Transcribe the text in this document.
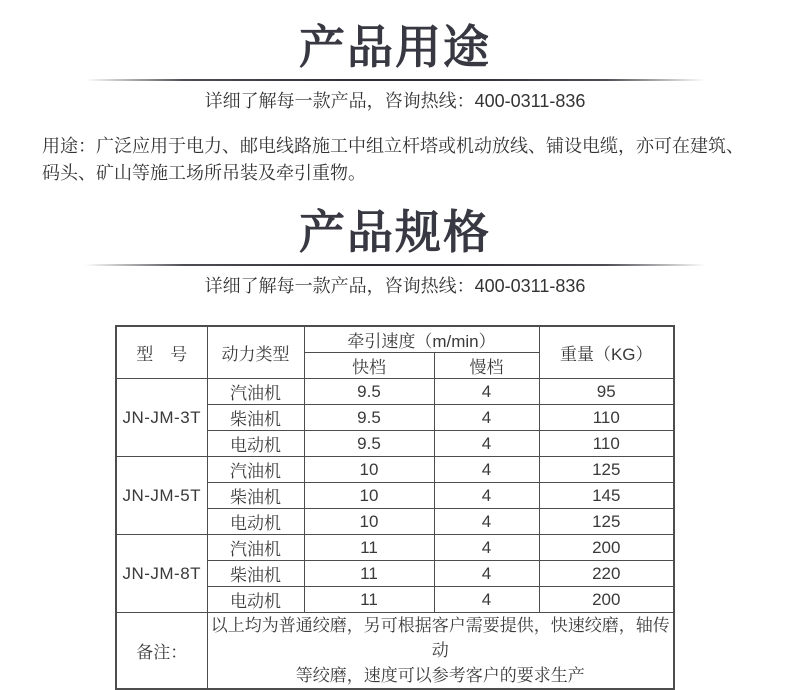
产品用途

详细了解每一款产品，咨询热线：400-0311-836

用途：广泛应用于电力、邮电线路施工中组立杆塔或机动放线、铺设电缆，亦可在建筑、码头、矿山等施工场所吊装及牵引重物。

产品规格

详细了解每一款产品，咨询热线：400-0311-836

型　号	动力类型	牵引速度（m/min）		重量（KG）
		快档	慢档	
JN-JM-3T	汽油机	9.5	4	95
	柴油机	9.5	4	110
	电动机	9.5	4	110
JN-JM-5T	汽油机	10	4	125
	柴油机	10	4	145
	电动机	10	4	125
JN-JM-8T	汽油机	11	4	200
	柴油机	11	4	220
	电动机	11	4	200
备注：	以上均为普通绞磨，另可根据客户需要提供，快速绞磨，轴传动
等绞磨，速度可以参考客户的要求生产			
